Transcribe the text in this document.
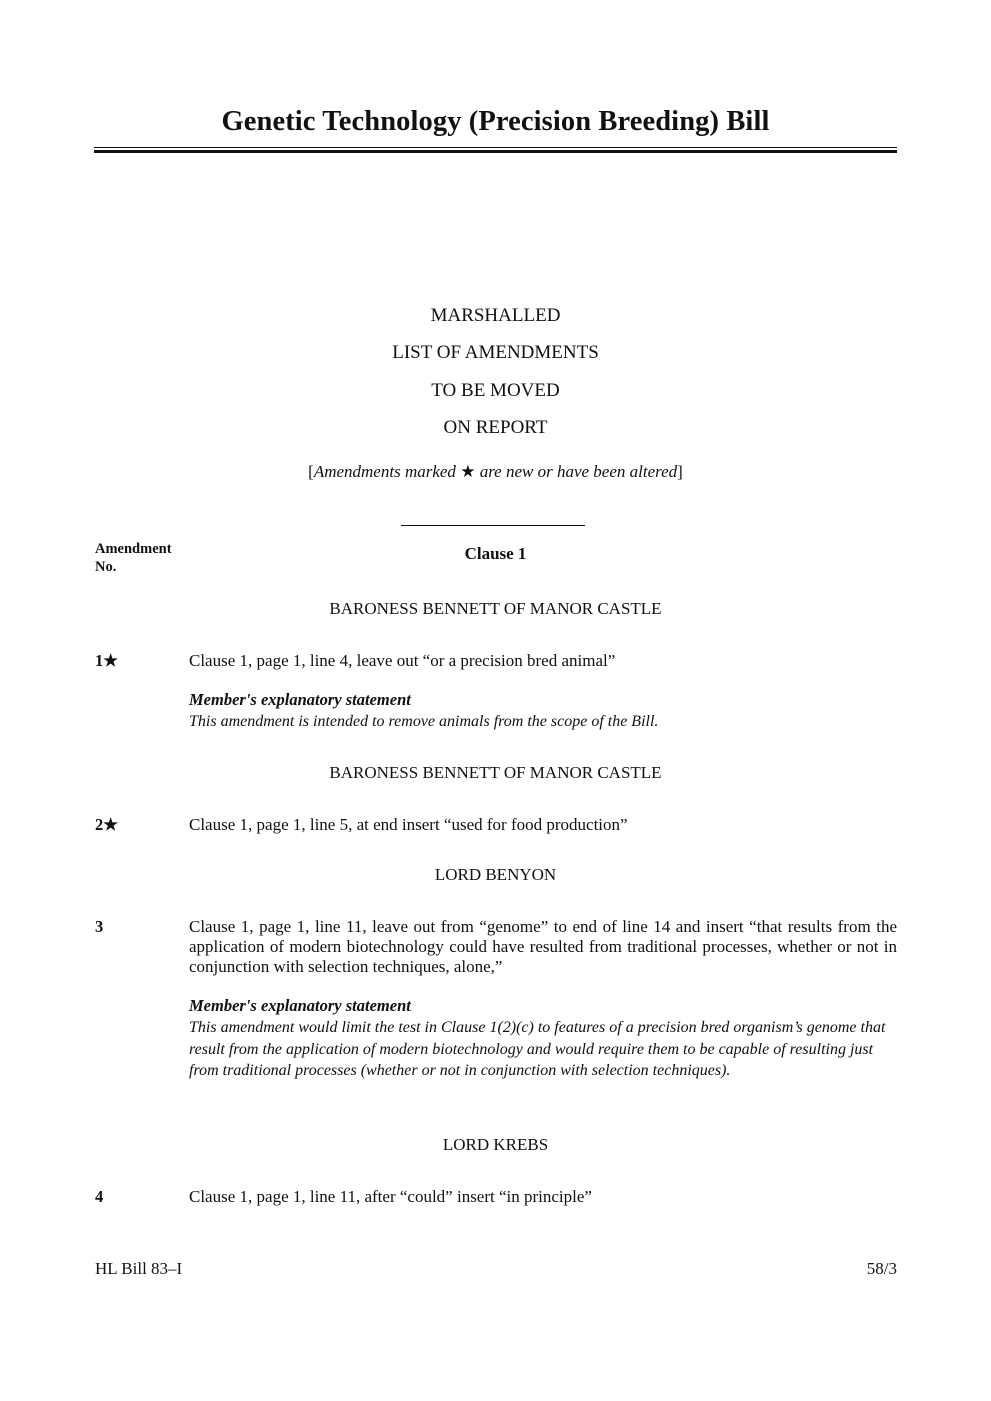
Genetic Technology (Precision Breeding) Bill
MARSHALLED
LIST OF AMENDMENTS
TO BE MOVED
ON REPORT
[Amendments marked ★ are new or have been altered]
Amendment
No.
Clause 1
BARONESS BENNETT OF MANOR CASTLE
1★	Clause 1, page 1, line 4, leave out “or a precision bred animal”
Member's explanatory statement
This amendment is intended to remove animals from the scope of the Bill.
BARONESS BENNETT OF MANOR CASTLE
2★	Clause 1, page 1, line 5, at end insert “used for food production”
LORD BENYON
3	Clause 1, page 1, line 11, leave out from “genome” to end of line 14 and insert “that results from the application of modern biotechnology could have resulted from traditional processes, whether or not in conjunction with selection techniques, alone,”
Member's explanatory statement
This amendment would limit the test in Clause 1(2)(c) to features of a precision bred organism’s genome that result from the application of modern biotechnology and would require them to be capable of resulting just from traditional processes (whether or not in conjunction with selection techniques).
LORD KREBS
4	Clause 1, page 1, line 11, after “could” insert “in principle”
HL Bill 83–I	58/3
